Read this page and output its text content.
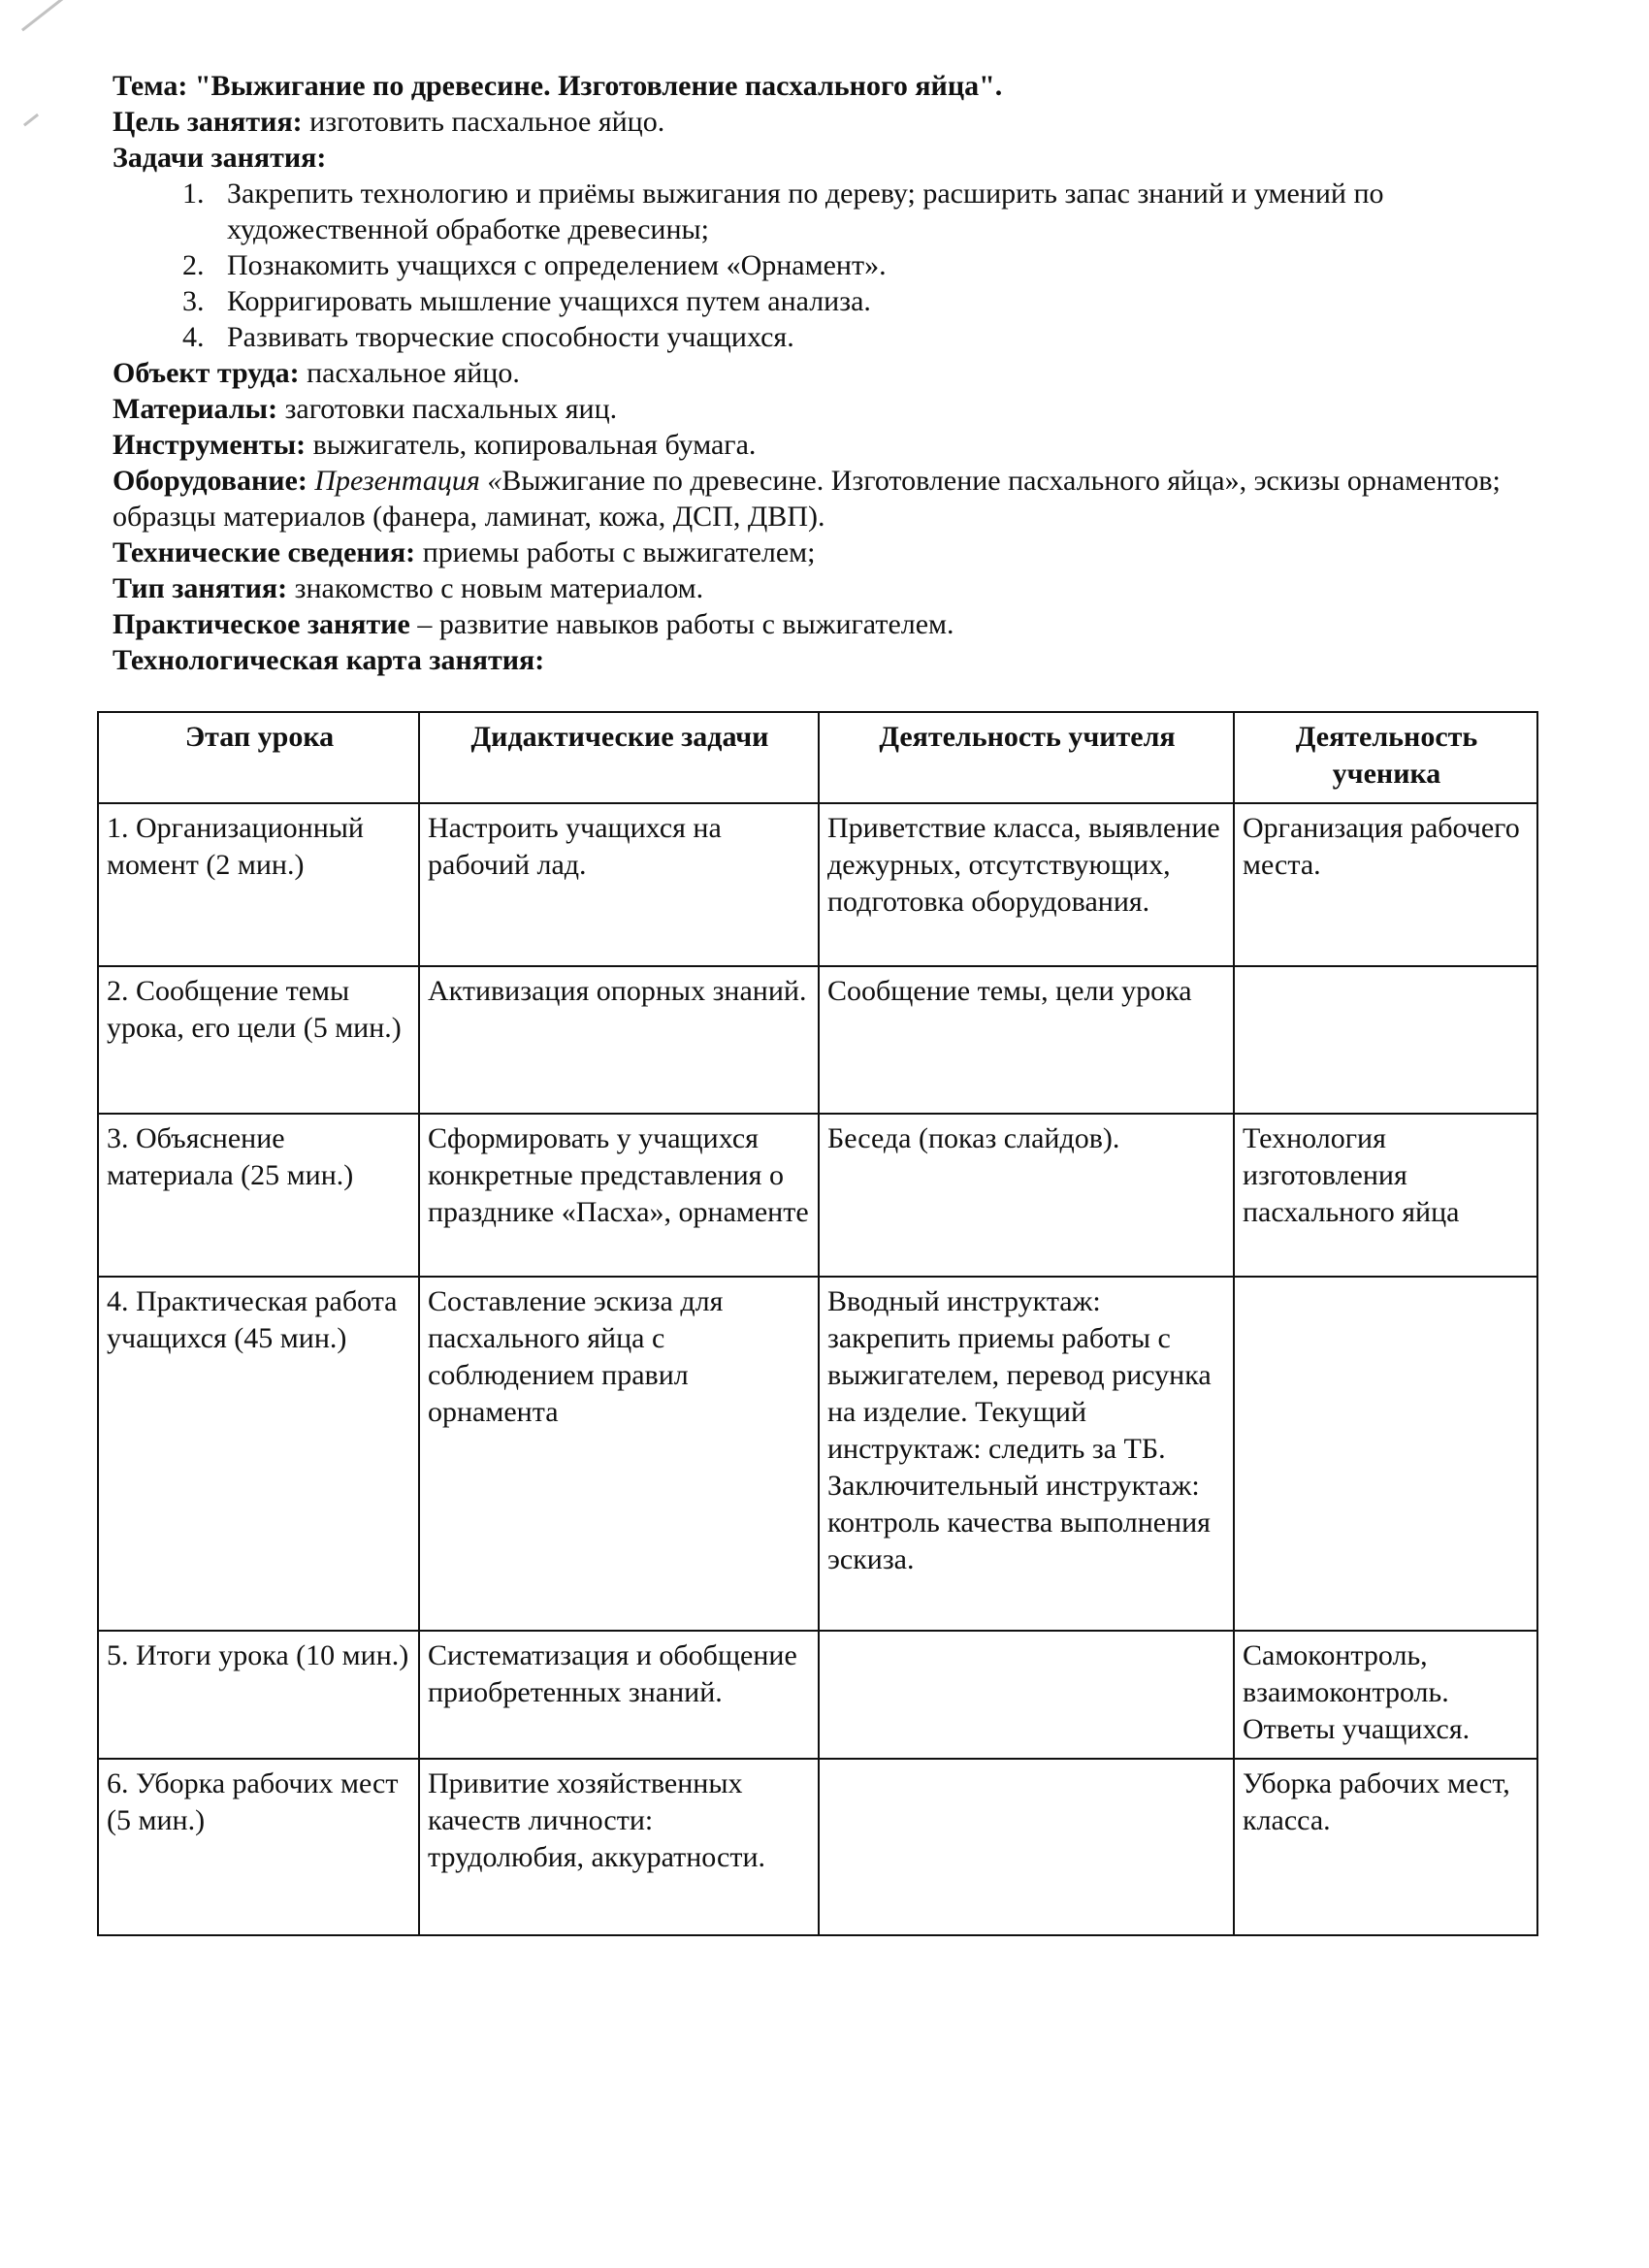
Тема: "Выжигание по древесине. Изготовление пасхального яйца".

Цель занятия: изготовить пасхальное яйцо.

Задачи занятия:

1. Закрепить технологию и приёмы выжигания по дереву; расширить запас знаний и умений по художественной обработке древесины;
2. Познакомить учащихся с определением «Орнамент».
3. Корригировать мышление учащихся путем анализа.
4. Развивать творческие способности учащихся.

Объект труда: пасхальное яйцо.

Материалы: заготовки пасхальных яиц.

Инструменты: выжигатель, копировальная бумага.

Оборудование: Презентация «Выжигание по древесине. Изготовление пасхального яйца», эскизы орнаментов; образцы материалов (фанера, ламинат, кожа, ДСП, ДВП).

Технические сведения: приемы работы с выжигателем;

Тип занятия: знакомство с новым материалом.

Практическое занятие – развитие навыков работы с выжигателем.

Технологическая карта занятия:

Этап урока	Дидактические задачи	Деятельность учителя	Деятельность ученика
1. Организационный момент (2 мин.)	Настроить учащихся на рабочий лад.	Приветствие класса, выявление дежурных, отсутствующих, подготовка оборудования.	Организация рабочего места.
2. Сообщение темы урока, его цели (5 мин.)	Активизация опорных знаний.	Сообщение темы, цели урока	
3. Объяснение материала (25 мин.)	Сформировать у учащихся конкретные представления о празднике «Пасха», орнаменте	Беседа (показ слайдов).	Технология изготовления пасхального яйца
4. Практическая работа учащихся (45 мин.)	Составление эскиза для пасхального яйца с соблюдением правил орнамента	Вводный инструктаж: закрепить приемы работы с выжигателем, перевод рисунка на изделие. Текущий инструктаж: следить за ТБ. Заключительный инструктаж: контроль качества выполнения эскиза.	
5. Итоги урока (10 мин.)	Систематизация и обобщение приобретенных знаний.		Самоконтроль, взаимоконтроль. Ответы учащихся.
6. Уборка рабочих мест (5 мин.)	Привитие хозяйственных качеств личности: трудолюбия, аккуратности.		Уборка рабочих мест, класса.
